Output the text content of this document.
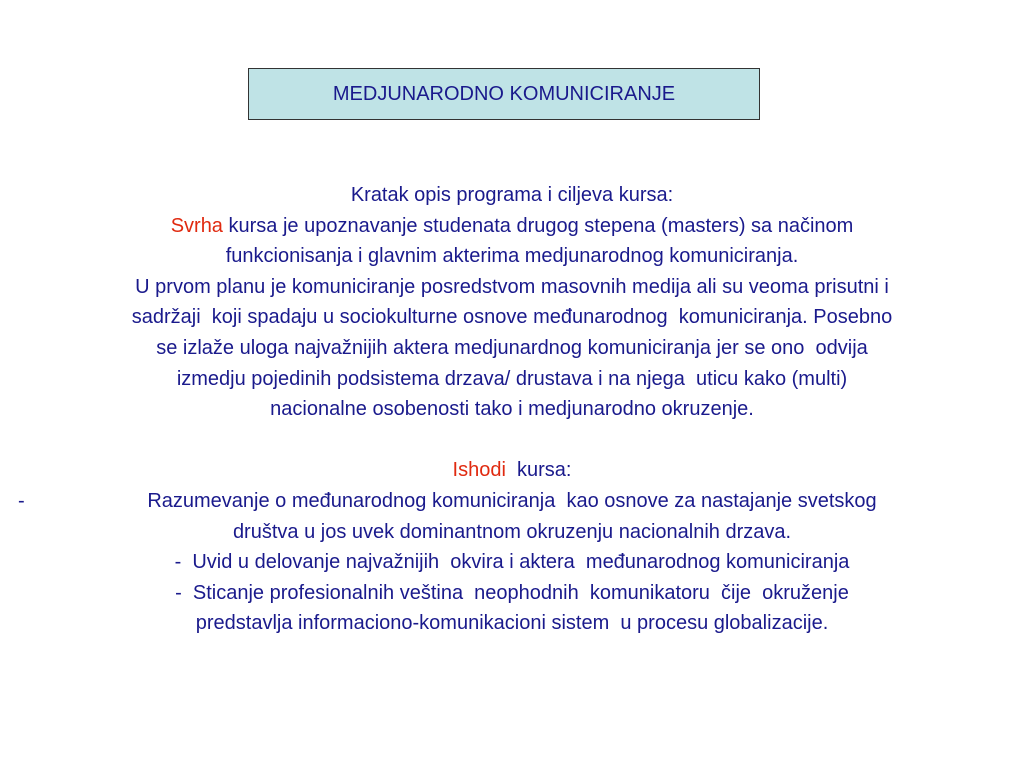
MEDJUNARODNO KOMUNICIRANJE
Kratak opis programa i ciljeva kursa:
Svrha kursa je upoznavanje studenata drugog stepena (masters) sa načinom
funkcionisanja i glavnim akterima medjunarodnog komuniciranja.
U prvom planu je komuniciranje posredstvom masovnih medija ali su veoma prisutni i
sadržaji  koji spadaju u sociokulturne osnove međunarodnog  komuniciranja. Posebno
se izlaže uloga najvažnijih aktera medjunardnog komuniciranja jer se ono  odvija
izmedju pojedinih podsistema drzava/ drustava i na njega  uticu kako (multi)
nacionalne osobenosti tako i medjunarodno okruzenje.
Ishodi  kursa:
-	Razumevanje o međunarodnog komuniciranja  kao osnove za nastajanje svetskog
društva u jos uvek dominantnom okruzenju nacionalnih drzava.
-  Uvid u delovanje najvažnijih  okvira i aktera  međunarodnog komuniciranja
-  Sticanje profesionalnih veština  neophodnih  komunikatoru  čije  okruženje
predstavlja informaciono-komunikacioni sistem  u procesu globalizacije.
